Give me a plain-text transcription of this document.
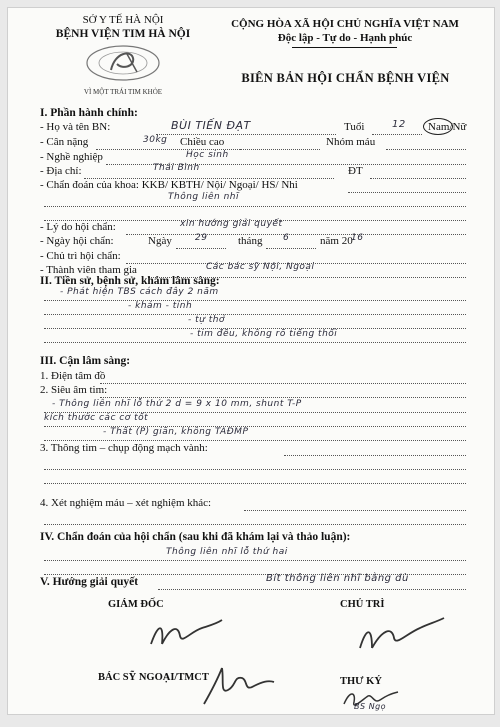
SỞ Y TẾ HÀ NỘI
BỆNH VIỆN TIM HÀ NỘI
VÌ MỘT TRÁI TIM KHỎE
CỘNG HÒA XÃ HỘI CHỦ NGHĨA VIỆT NAM
Độc lập - Tự do - Hạnh phúc
BIÊN BẢN HỘI CHẨN BỆNH VIỆN
I. Phần hành chính:
- Họ và tên BN:	BÙI TIẾN ĐẠT	Tuổi	12 Nam/Nữ
- Cân nặng	30kg Chiều cao	Nhóm máu
- Nghề nghiệp	Học sinh
- Địa chỉ:	Thái Bình	ĐT
- Chẩn đoán của khoa: KKB/ KBTH/ Nội/ Ngoại/ HS/ Nhi
Thông liên nhĩ
- Lý do hội chẩn:	xin hướng giải quyết
- Ngày hội chẩn:	Ngày	29	tháng 6	năm 20
16
- Chủ trì hội chẩn:
- Thành viên tham gia	Các bác sỹ Nội, Ngoại
II. Tiền sử, bệnh sử, khám lâm sàng:
- Phát hiện TBS cách đây 2 năm
- khám - tỉnh
- tự thở
- tim đều, không rõ tiếng thổi
III. Cận lâm sàng:
1. Điện tâm đồ
2. Siêu âm tim:
- Thông liên nhĩ lỗ thứ 2 d = 9 x 10 mm, shunt T-P
kích thước các cơ tốt
- Thất (P) giãn, không TAĐMP
3. Thông tim – chụp động mạch vành:
4. Xét nghiệm máu – xét nghiệm khác:
IV. Chẩn đoán của hội chẩn (sau khi đã khám lại và thảo luận):
Thông liên nhĩ lỗ thứ hai
V. Hướng giải quyết	Bít thông liên nhĩ bằng dù
GIÁM ĐỐC	CHỦ TRÌ
BÁC SỸ NGOẠI/TMCT	THƯ KÝ
BS Ngọ
